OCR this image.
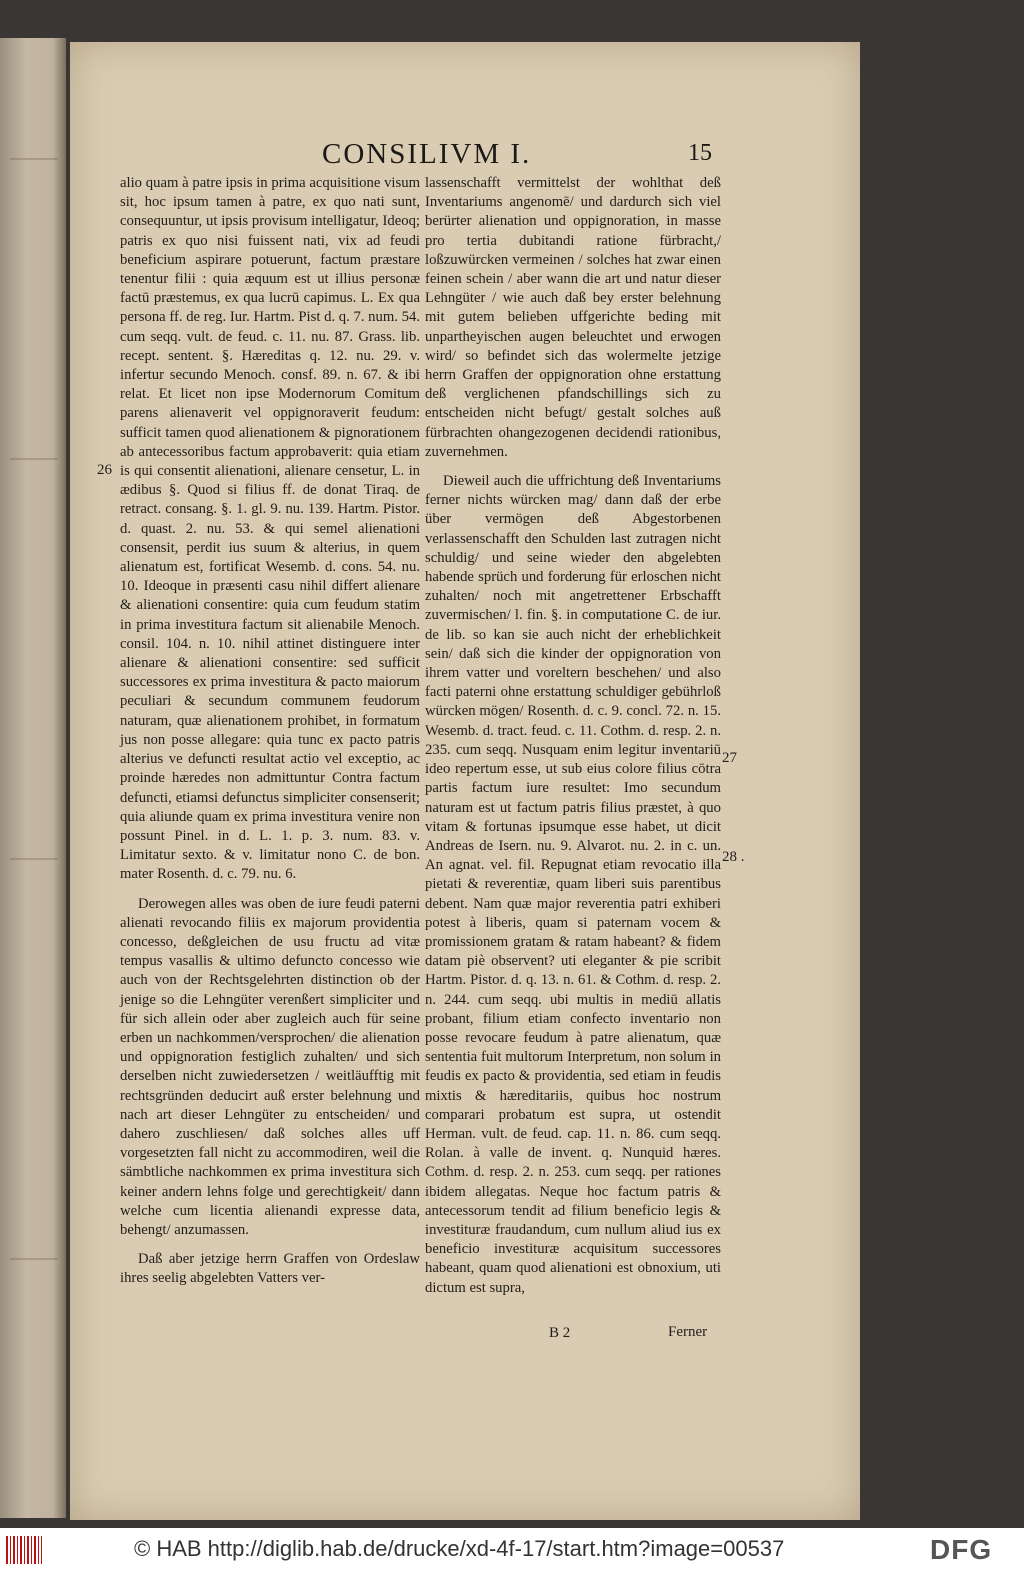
CONSILIVM I.	15

alio quam à patre ipsis in prima acquisitione visum sit, hoc ipsum tamen à patre, ex quo nati sunt, consequuntur, ut ipsis provisum intelligatur, Ideoq; patris ex quo nisi fuissent nati, vix ad feudi beneficium aspirare potuerunt, factum præstare tenentur filii : quia æquum est ut illius personæ factū præstemus, ex qua lucrū capimus. L. Ex qua persona ff. de reg. Iur. Hartm. Pist d. q. 7. num. 54. cum seqq. vult. de feud. c. 11. nu. 87. Grass. lib. recept. sentent. §. Hæreditas q. 12. nu. 29. v. infertur secundo Menoch. consf. 89. n. 67. & ibi relat. Et licet non ipse Modernorum Comitum parens alienaverit vel oppignoraverit feudum: sufficit tamen quod alienationem & pignorationem ab antecessoribus factum approbaverit: quia etiam is qui consentit alienationi, alienare censetur, L. in ædibus §. Quod si filius ff. de donat Tiraq. de retract. consang. §. 1. gl. 9. nu. 139. Hartm. Pistor. d. quast. 2. nu. 53. & qui semel alienationi consensit, perdit ius suum & alterius, in quem alienatum est, fortificat Wesemb. d. cons. 54. nu. 10. Ideoque in præsenti casu nihil differt alienare & alienationi consentire: quia cum feudum statim in prima investitura factum sit alienabile Menoch. consil. 104. n. 10. nihil attinet distinguere inter alienare & alienationi consentire: sed sufficit successores ex prima investitura & pacto maiorum peculiari & secundum communem feudorum naturam, quæ alienationem prohibet, in formatum jus non posse allegare: quia tunc ex pacto patris alterius ve defuncti resultat actio vel exceptio, ac proinde hæredes non admittuntur Contra factum defuncti, etiamsi defunctus simpliciter consenserit; quia aliunde quam ex prima investitura venire non possunt Pinel. in d. L. 1. p. 3. num. 83. v. Limitatur sexto. & v. limitatur nono C. de bon. mater Rosenth. d. c. 79. nu. 6.

Derowegen alles was oben de iure feudi paterni alienati revocando filiis ex majorum providentia concesso, deßgleichen de usu fructu ad vitæ tempus vasallis & ultimo defuncto concesso wie auch von der Rechtsgelehrten distinction ob der jenige so die Lehngüter verenßert simpliciter und für sich allein oder aber zugleich auch für seine erben un nachkommen/versprochen/ die alienation und oppignoration festiglich zuhalten/ und sich derselben nicht zuwiedersetzen / weitläufftig mit rechtsgründen deducirt auß erster belehnung und nach art dieser Lehngüter zu entscheiden/ und dahero zuschliesen/ daß solches alles uff vorgesetzten fall nicht zu accommodiren, weil die sämbtliche nachkommen ex prima investitura sich keiner andern lehns folge und gerechtigkeit/ dann welche cum licentia alienandi expresse data, behengt/ anzumassen.

Daß aber jetzige herrn Graffen von Ordeslaw ihres seelig abgelebten Vatters ver-

lassenschafft vermittelst der wohlthat deß Inventariums angenomē/ und dardurch sich viel berürter alienation und oppignoration, in masse pro tertia dubitandi ratione fürbracht,/ loßzuwürcken vermeinen / solches hat zwar einen feinen schein / aber wann die art und natur dieser Lehngüter / wie auch daß bey erster belehnung mit gutem belieben uffgerichte beding mit unpartheyischen augen beleuchtet und erwogen wird/ so befindet sich das wolermelte jetzige herrn Graffen der oppignoration ohne erstattung deß verglichenen pfandschillings sich zu entscheiden nicht befugt/ gestalt solches auß fürbrachten ohangezogenen decidendi rationibus, zuvernehmen.

Dieweil auch die uffrichtung deß Inventariums ferner nichts würcken mag/ dann daß der erbe über vermögen deß Abgestorbenen verlassenschafft den Schulden last zutragen nicht schuldig/ und seine wieder den abgelebten habende sprüch und forderung für erloschen nicht zuhalten/ noch mit angetrettener Erbschafft zuvermischen/ l. fin. §. in computatione C. de iur. de lib. so kan sie auch nicht der erheblichkeit sein/ daß sich die kinder der oppignoration von ihrem vatter und voreltern beschehen/ und also facti paterni ohne erstattung schuldiger gebührloß würcken mögen/ Rosenth. d. c. 9. concl. 72. n. 15. Wesemb. d. tract. feud. c. 11. Cothm. d. resp. 2. n. 235. cum seqq. Nusquam enim legitur inventariū ideo repertum esse, ut sub eius colore filius cōtra partis factum iure resultet: Imo secundum naturam est ut factum patris filius præstet, à quo vitam & fortunas ipsumque esse habet, ut dicit Andreas de Isern. nu. 9. Alvarot. nu. 2. in c. un. An agnat. vel. fil. Repugnat etiam revocatio illa pietati & reverentiæ, quam liberi suis parentibus debent. Nam quæ major reverentia patri exhiberi potest à liberis, quam si paternam vocem & promissionem gratam & ratam habeant? & fidem datam piè observent? uti eleganter & pie scribit Hartm. Pistor. d. q. 13. n. 61. & Cothm. d. resp. 2. n. 244. cum seqq. ubi multis in mediū allatis probant, filium etiam confecto inventario non posse revocare feudum à patre alienatum, quæ sententia fuit multorum Interpretum, non solum in feudis ex pacto & providentia, sed etiam in feudis mixtis & hæreditariis, quibus hoc nostrum comparari probatum est supra, ut ostendit Herman. vult. de feud. cap. 11. n. 86. cum seqq. Rolan. à valle de invent. q. Nunquid hæres. Cothm. d. resp. 2. n. 253. cum seqq. per rationes ibidem allegatas. Neque hoc factum patris & antecessorum tendit ad filium beneficio legis & investituræ fraudandum, cum nullum aliud ius ex beneficio investituræ acquisitum successores habeant, quam quod alienationi est obnoxium, uti dictum est supra,

26
27
28 .
B 2	Ferner
© HAB http://diglib.hab.de/drucke/xd-4f-17/start.htm?image=00537	DFG
